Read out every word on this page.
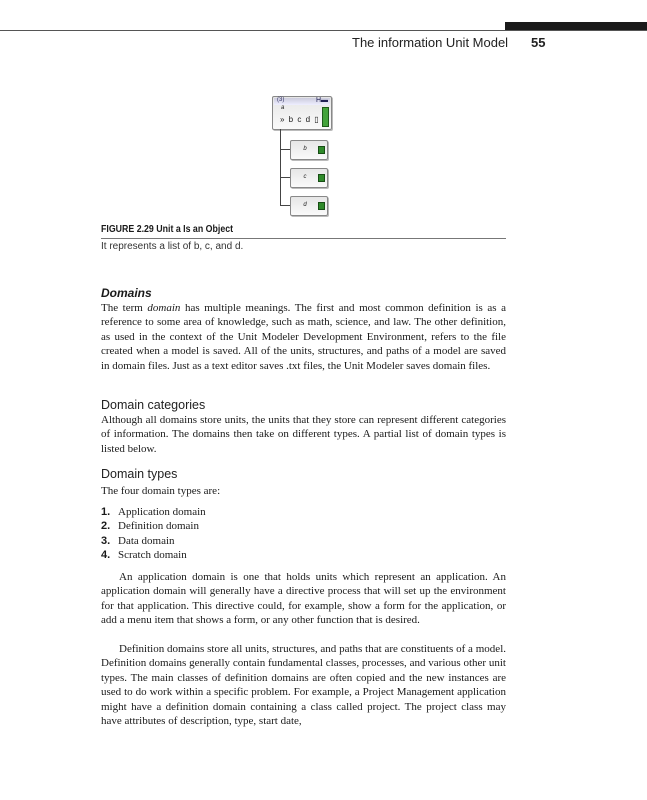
The information Unit Model 55
(3)	H▬
a
» b c d ▯
b
c
d
FIGURE 2.29 Unit a Is an Object
It represents a list of b, c, and d.
Domains

The term domain has multiple meanings. The first and most common definition is as a reference to some area of knowledge, such as math, science, and law. The other definition, as used in the context of the Unit Modeler Development Environment, refers to the file created when a model is saved. All of the units, structures, and paths of a model are saved in domain files. Just as a text editor saves .txt files, the Unit Modeler saves domain files.

Domain categories

Although all domains store units, the units that they store can represent different categories of information. The domains then take on different types. A partial list of domain types is listed below.

Domain types

The four domain types are:

1. Application domain
2. Definition domain
3. Data domain
4. Scratch domain

An application domain is one that holds units which represent an application. An application domain will generally have a directive process that will set up the environment for that application. This directive could, for example, show a form for the application, or add a menu item that shows a form, or any other function that is desired.

Definition domains store all units, structures, and paths that are constituents of a model. Definition domains generally contain fundamental classes, processes, and various other unit types. The main classes of definition domains are often copied and the new instances are used to do work within a specific problem. For example, a Project Management application might have a definition domain containing a class called project. The project class may have attributes of description, type, start date,
